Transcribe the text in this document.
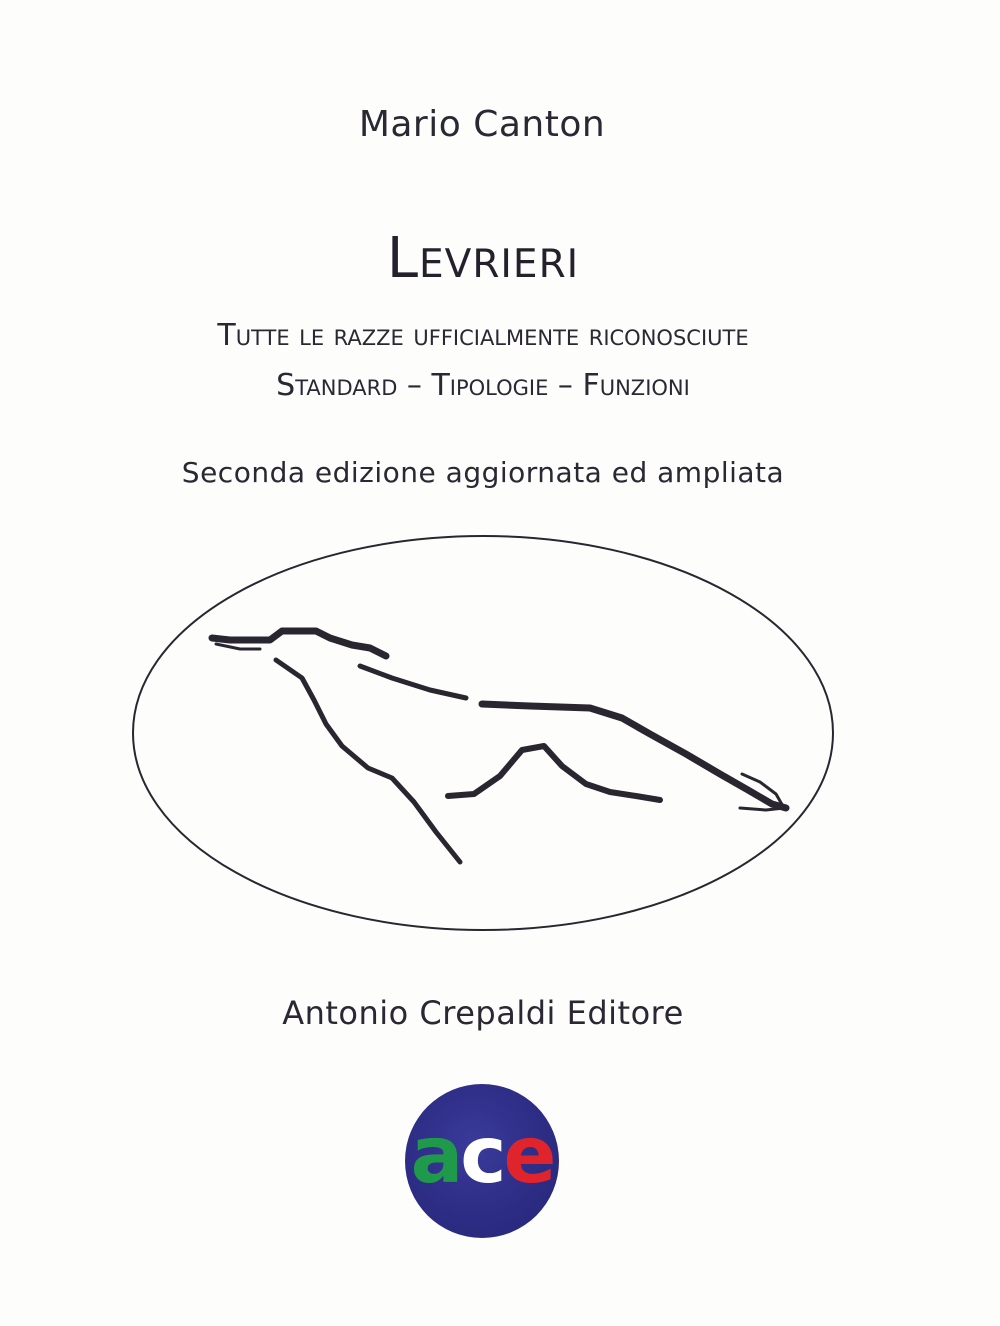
Mario Canton
Levrieri
Tutte le razze ufficialmente riconosciute
Standard – Tipologie – Funzioni
Seconda edizione aggiornata ed ampliata
Antonio Crepaldi Editore
ace
